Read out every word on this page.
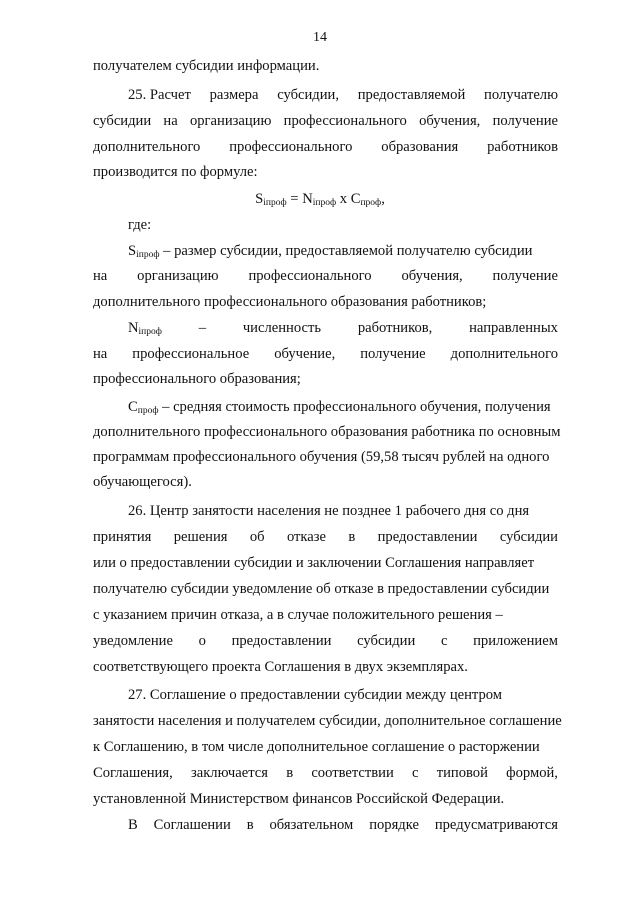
14
получателем субсидии информации.
25. Расчет размера субсидии, предоставляемой получателю
субсидии на организацию профессионального обучения, получение
дополнительного профессионального образования работников
производится по формуле:
$S_{iпроф} = N_{iпроф}$ х $С_{проф}$,
где:
$S_{iпроф}$ – размер субсидии, предоставляемой получателю субсидии
на организацию профессионального обучения, получение
дополнительного профессионального образования работников;
$N_{iпроф}$	–	численность	работников,	направленных
на профессиональное обучение, получение дополнительного
профессионального образования;
$С_{проф}$ – средняя стоимость профессионального обучения, получения
дополнительного профессионального образования работника по основным
программам профессионального обучения (59,58 тысяч рублей на одного
обучающегося).
26. Центр занятости населения не позднее 1 рабочего дня со дня
принятия решения об отказе в предоставлении субсидии
или о предоставлении субсидии и заключении Соглашения направляет
получателю субсидии уведомление об отказе в предоставлении субсидии
с указанием причин отказа, а в случае положительного решения –
уведомление о предоставлении субсидии с приложением
соответствующего проекта Соглашения в двух экземплярах.
27. Соглашение о предоставлении субсидии между центром
занятости населения и получателем субсидии, дополнительное соглашение
к Соглашению, в том числе дополнительное соглашение о расторжении
Соглашения, заключается в соответствии с типовой формой,
установленной Министерством финансов Российской Федерации.
В Соглашении в обязательном порядке предусматриваются
